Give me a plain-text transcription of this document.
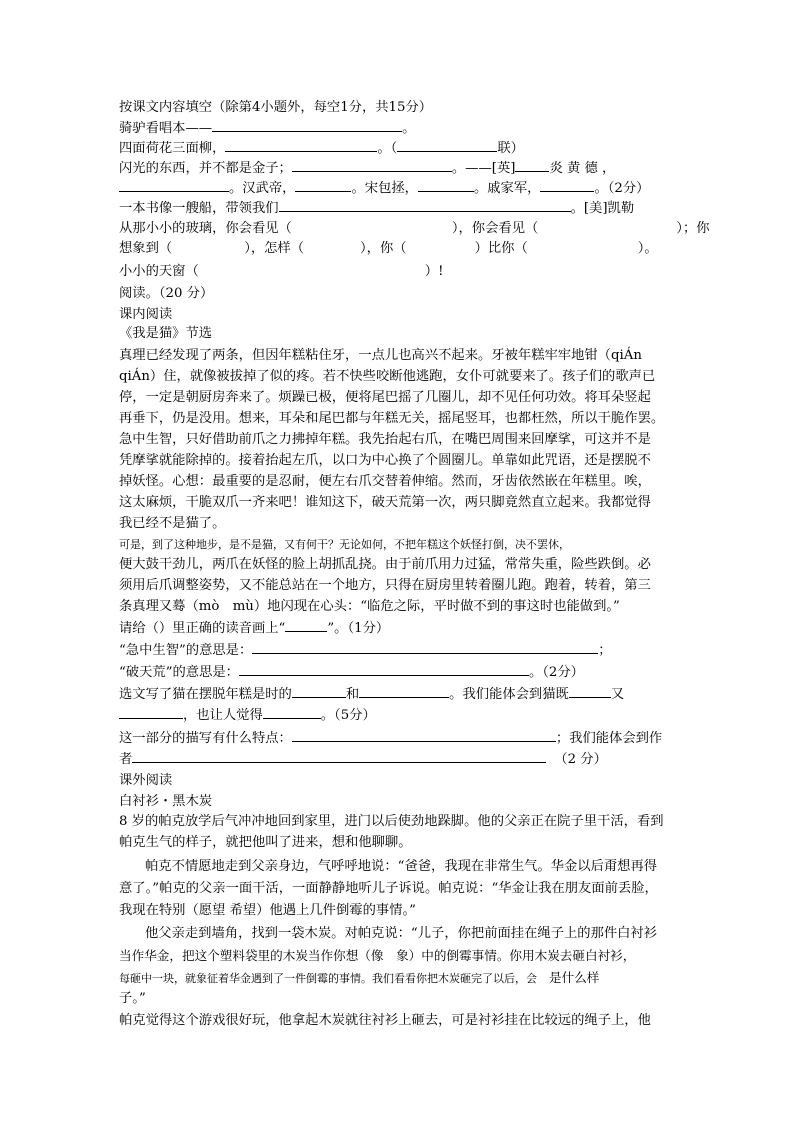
按课文内容填空（除第4小题外，每空1分，共15分）
骑驴看唱本——	。
四面荷花三面柳，	。（	联）
闪光的东西，并不都是金子；	。——[英]	炎 黄 德 ，
。汉武帝，	。宋包拯，	。戚家军，	。（2分）
一本书像一艘船，带领我们	。[美]凯勒
从那小小的玻璃，你会看见（	），你会看见（	）；你
想象到（	），怎样（	），你（	）比你（	）。
小小的天窗（	）!
阅读。（20 分）
课内阅读
《我是猫》节选
真理已经发现了两条，但因年糕粘住牙，一点儿也高兴不起来。牙被年糕牢牢地钳（qiÁn
qiÁn）住，就像被拔掉了似的疼。若不快些咬断他逃跑，女仆可就要来了。孩子们的歌声已
停，一定是朝厨房奔来了。烦躁已极，便将尾巴摇了几圈儿，却不见任何功效。将耳朵竖起
再垂下，仍是没用。想来，耳朵和尾巴都与年糕无关，摇尾竖耳，也都枉然，所以干脆作罢。
急中生智，只好借助前爪之力拂掉年糕。我先抬起右爪，在嘴巴周围来回摩挲，可这并不是
凭摩挲就能除掉的。接着抬起左爪，以口为中心换了个圆圈儿。单靠如此咒语，还是摆脱不
掉妖怪。心想：最重要的是忍耐，便左右爪交替着伸缩。然而，牙齿依然嵌在年糕里。唉，
这太麻烦，干脆双爪一齐来吧！谁知这下，破天荒第一次，两只脚竟然直立起来。我都觉得
我已经不是猫了。
可是，到了这种地步，是不是猫，又有何干？无论如何，不把年糕这个妖怪打倒，决不罢休，
便大鼓干劲儿，两爪在妖怪的脸上胡抓乱挠。由于前爪用力过猛，常常失重，险些跌倒。必
须用后爪调整姿势，又不能总站在一个地方，只得在厨房里转着圈儿跑。跑着，转着，第三
条真理又蓦（mò　mù）地闪现在心头：“临危之际，平时做不到的事这时也能做到。”
请给（）里正确的读音画上“	”。（1分）
“急中生智”的意思是：	；
“破天荒”的意思是：	。（2分）
选文写了猫在摆脱年糕是时的	和	。我们能体会到猫既	又
，也让人觉得	。（5分）
这一部分的描写有什么特点：	；我们能体会到作
者	（2 分）
课外阅读
白衬衫・黑木炭
8 岁的帕克放学后气冲冲地回到家里，进门以后使劲地跺脚。他的父亲正在院子里干活，看到
帕克生气的样子，就把他叫了进来，想和他聊聊。
帕克不情愿地走到父亲身边，气呼呼地说：“爸爸，我现在非常生气。华金以后甭想再得
意了。”帕克的父亲一面干活，一面静静地听儿子诉说。帕克说：“华金让我在朋友面前丢脸，
我现在特别（愿望 希望）他遇上几件倒霉的事情。”
他父亲走到墙角，找到一袋木炭。对帕克说：“儿子，你把前面挂在绳子上的那件白衬衫
当作华金，把这个塑料袋里的木炭当作你想（像　象）中的倒霉事情。你用木炭去砸白衬衫，
每砸中一块，就象征着华金遇到了一件倒霉的事情。我们看看你把木炭砸完了以后，会 是什么样
子。”
帕克觉得这个游戏很好玩，他拿起木炭就往衬衫上砸去，可是衬衫挂在比较远的绳子上，他
